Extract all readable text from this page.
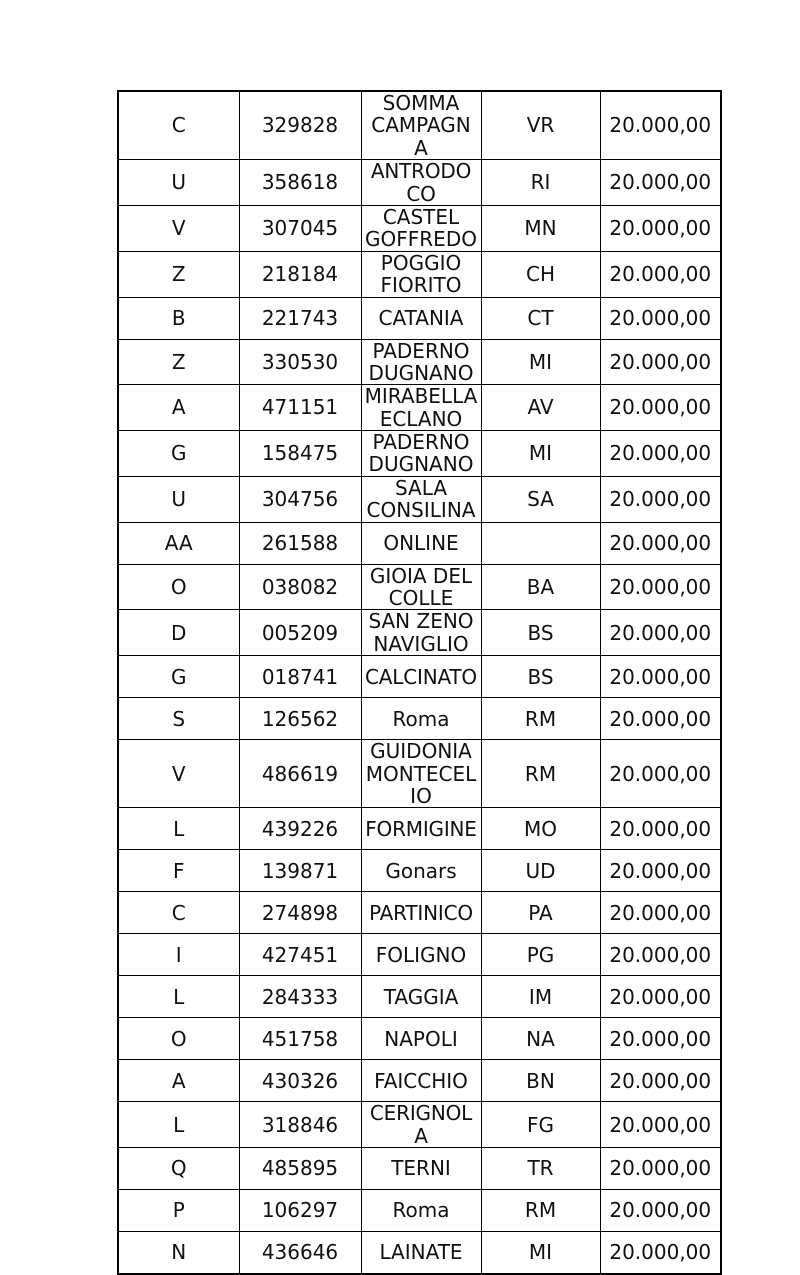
C	329828	SOMMA CAMPAGNA	VR	20.000,00
U	358618	ANTRODOCO	RI	20.000,00
V	307045	CASTEL GOFFREDO	MN	20.000,00
Z	218184	POGGIO FIORITO	CH	20.000,00
B	221743	CATANIA	CT	20.000,00
Z	330530	PADERNO DUGNANO	MI	20.000,00
A	471151	MIRABELLA ECLANO	AV	20.000,00
G	158475	PADERNO DUGNANO	MI	20.000,00
U	304756	SALA CONSILINA	SA	20.000,00
AA	261588	ONLINE		20.000,00
O	038082	GIOIA DEL COLLE	BA	20.000,00
D	005209	SAN ZENO NAVIGLIO	BS	20.000,00
G	018741	CALCINATO	BS	20.000,00
S	126562	Roma	RM	20.000,00
V	486619	GUIDONIA MONTECELIO	RM	20.000,00
L	439226	FORMIGINE	MO	20.000,00
F	139871	Gonars	UD	20.000,00
C	274898	PARTINICO	PA	20.000,00
I	427451	FOLIGNO	PG	20.000,00
L	284333	TAGGIA	IM	20.000,00
O	451758	NAPOLI	NA	20.000,00
A	430326	FAICCHIO	BN	20.000,00
L	318846	CERIGNOLA	FG	20.000,00
Q	485895	TERNI	TR	20.000,00
P	106297	Roma	RM	20.000,00
N	436646	LAINATE	MI	20.000,00
